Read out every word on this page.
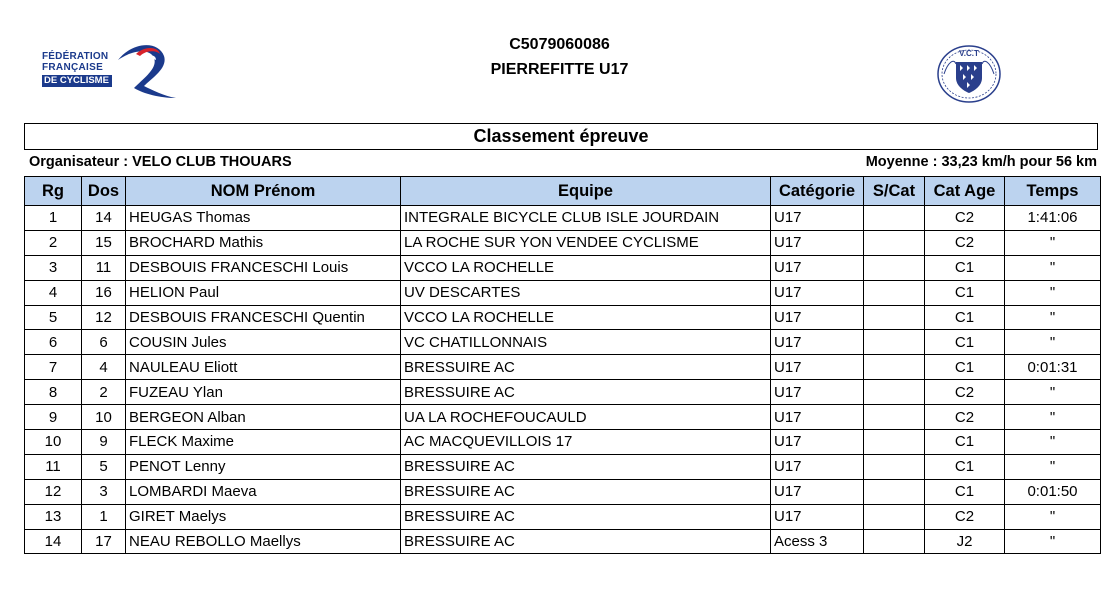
FÉDÉRATION
FRANÇAISE
DE CYCLISME
C5079060086
PIERREFITTE U17
V.C.T
Classement épreuve
Organisateur : VELO CLUB THOUARS	Moyenne : 33,23 km/h pour 56 km
Rg	Dos	NOM Prénom	Equipe	Catégorie	S/Cat	Cat Age	Temps
1	14	HEUGAS Thomas	INTEGRALE BICYCLE CLUB ISLE JOURDAIN	U17		C2	1:41:06
2	15	BROCHARD Mathis	LA ROCHE SUR YON VENDEE CYCLISME	U17		C2	"
3	11	DESBOUIS FRANCESCHI Louis	VCCO LA ROCHELLE	U17		C1	"
4	16	HELION Paul	UV DESCARTES	U17		C1	"
5	12	DESBOUIS FRANCESCHI Quentin	VCCO LA ROCHELLE	U17		C1	"
6	6	COUSIN Jules	VC CHATILLONNAIS	U17		C1	"
7	4	NAULEAU Eliott	BRESSUIRE AC	U17		C1	0:01:31
8	2	FUZEAU Ylan	BRESSUIRE AC	U17		C2	"
9	10	BERGEON Alban	UA LA ROCHEFOUCAULD	U17		C2	"
10	9	FLECK Maxime	AC MACQUEVILLOIS 17	U17		C1	"
11	5	PENOT Lenny	BRESSUIRE AC	U17		C1	"
12	3	LOMBARDI Maeva	BRESSUIRE AC	U17		C1	0:01:50
13	1	GIRET Maelys	BRESSUIRE AC	U17		C2	"
14	17	NEAU REBOLLO Maellys	BRESSUIRE AC	Acess 3		J2	"
